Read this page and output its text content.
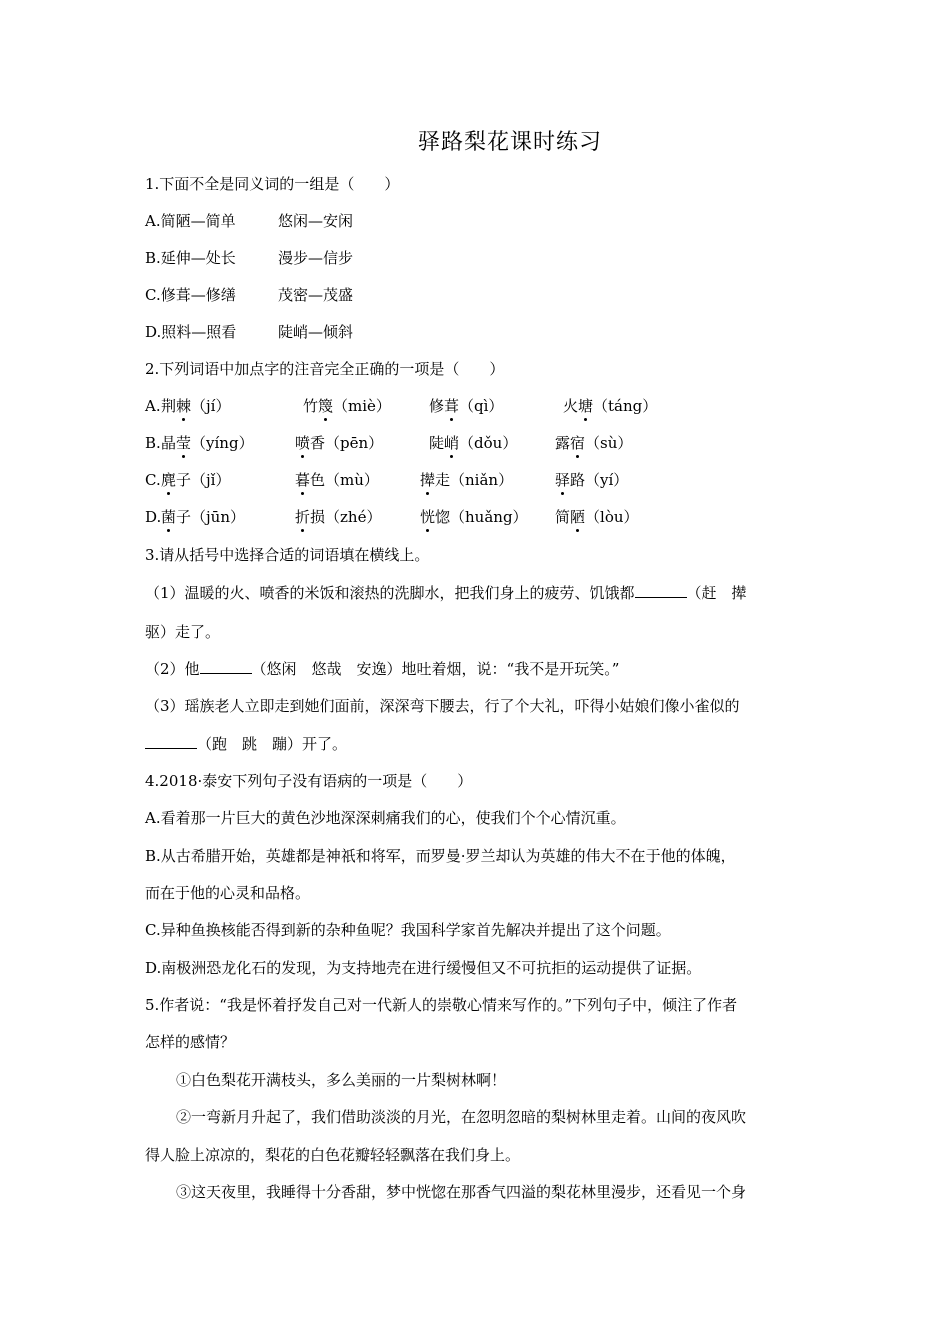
驿路梨花课时练习
1.下面不全是同义词的一组是（　　）
A.简陋—简单	悠闲—安闲
B.延伸—处长	漫步—信步
C.修葺—修缮	茂密—茂盛
D.照料—照看	陡峭—倾斜
2.下列词语中加点字的注音完全正确的一项是（　　）
A. 荆棘（jí）	竹篾（miè）	修葺（qì）	火塘（táng）
B. 晶莹（yíng）	喷香（pēn）	陡峭（dǒu）	露宿（sù）
C. 麂子（jǐ）	暮色（mù）	撵走（niǎn）	驿路（yí）
D. 菌子（jūn）	折损（zhé）	恍惚（huǎng） 简陋（lòu）
3.请从括号中选择合适的词语填在横线上。
（1）温暖的火、喷香的米饭和滚热的洗脚水，把我们身上的疲劳、饥饿都	（赶　撵
驱）走了。
（2）他	（悠闲　悠哉　安逸）地吐着烟，说：“我不是开玩笑。”
（3）瑶族老人立即走到她们面前，深深弯下腰去，行了个大礼，吓得小姑娘们像小雀似的
（跑　跳　蹦）开了。
4.2018·泰安下列句子没有语病的一项是（　　）
A.看着那一片巨大的黄色沙地深深刺痛我们的心，使我们个个心情沉重。
B.从古希腊开始，英雄都是神祇和将军，而罗曼·罗兰却认为英雄的伟大不在于他的体魄，
而在于他的心灵和品格。
C.异种鱼换核能否得到新的杂种鱼呢？我国科学家首先解决并提出了这个问题。
D.南极洲恐龙化石的发现，为支持地壳在进行缓慢但又不可抗拒的运动提供了证据。
5.作者说：“我是怀着抒发自己对一代新人的崇敬心情来写作的。”下列句子中，倾注了作者
怎样的感情？
①白色梨花开满枝头，多么美丽的一片梨树林啊！
②一弯新月升起了，我们借助淡淡的月光，在忽明忽暗的梨树林里走着。山间的夜风吹
得人脸上凉凉的，梨花的白色花瓣轻轻飘落在我们身上。
③这天夜里，我睡得十分香甜，梦中恍惚在那香气四溢的梨花林里漫步，还看见一个身
